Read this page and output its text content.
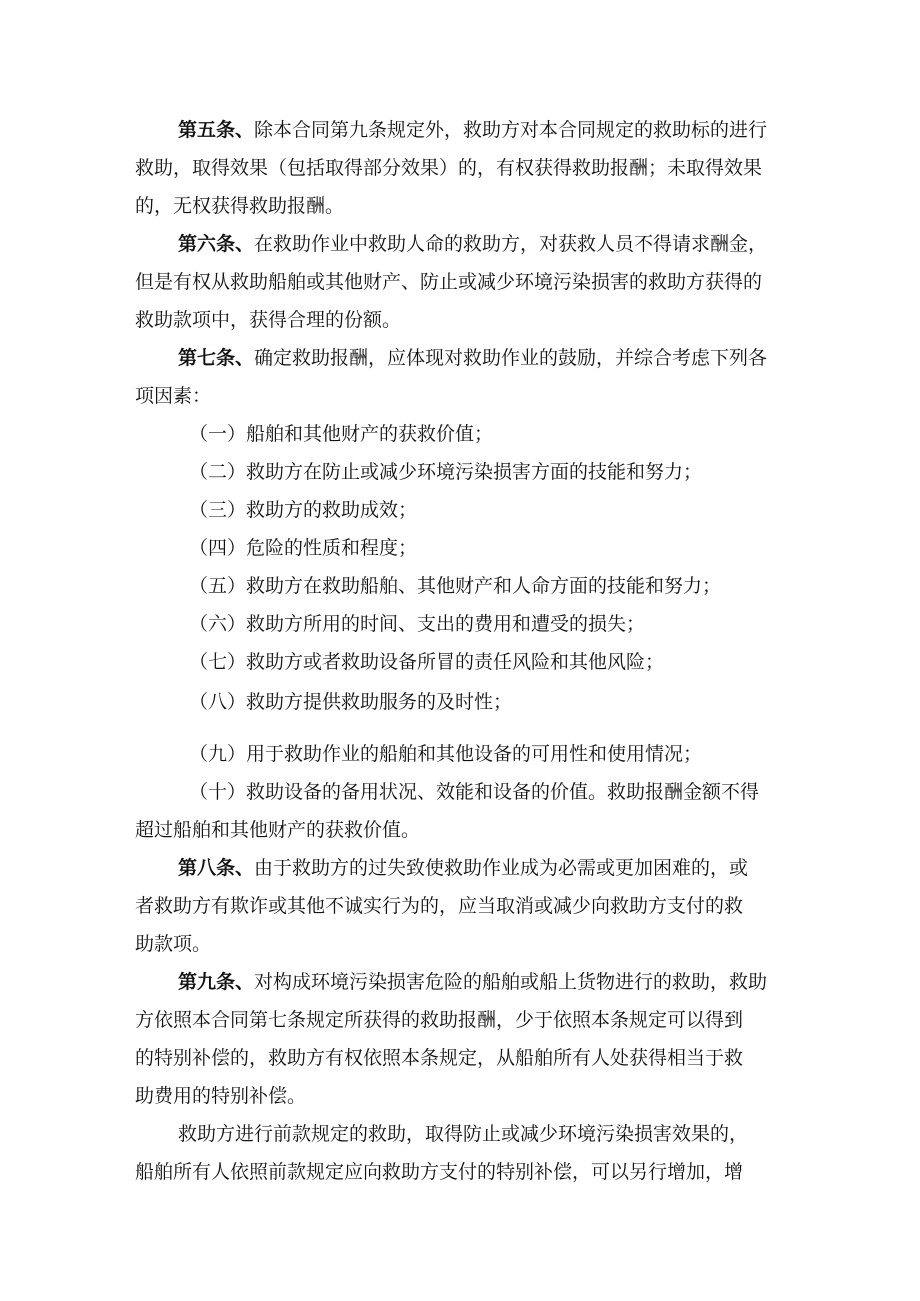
第五条、除本合同第九条规定外，救助方对本合同规定的救助标的进行
救助，取得效果（包括取得部分效果）的，有权获得救助报酬；未取得效果
的，无权获得救助报酬。
第六条、在救助作业中救助人命的救助方，对获救人员不得请求酬金，
但是有权从救助船舶或其他财产、防止或减少环境污染损害的救助方获得的
救助款项中，获得合理的份额。
第七条、确定救助报酬，应体现对救助作业的鼓励，并综合考虑下列各
项因素：
（一）船舶和其他财产的获救价值；
（二）救助方在防止或减少环境污染损害方面的技能和努力；
（三）救助方的救助成效；
（四）危险的性质和程度；
（五）救助方在救助船舶、其他财产和人命方面的技能和努力；
（六）救助方所用的时间、支出的费用和遭受的损失；
（七）救助方或者救助设备所冒的责任风险和其他风险；
（八）救助方提供救助服务的及时性；
（九）用于救助作业的船舶和其他设备的可用性和使用情况；
（十）救助设备的备用状况、效能和设备的价值。救助报酬金额不得
超过船舶和其他财产的获救价值。
第八条、由于救助方的过失致使救助作业成为必需或更加困难的，或
者救助方有欺诈或其他不诚实行为的，应当取消或减少向救助方支付的救
助款项。
第九条、对构成环境污染损害危险的船舶或船上货物进行的救助，救助
方依照本合同第七条规定所获得的救助报酬，少于依照本条规定可以得到
的特别补偿的，救助方有权依照本条规定，从船舶所有人处获得相当于救
助费用的特别补偿。
救助方进行前款规定的救助，取得防止或减少环境污染损害效果的，
船舶所有人依照前款规定应向救助方支付的特别补偿，可以另行增加，增
